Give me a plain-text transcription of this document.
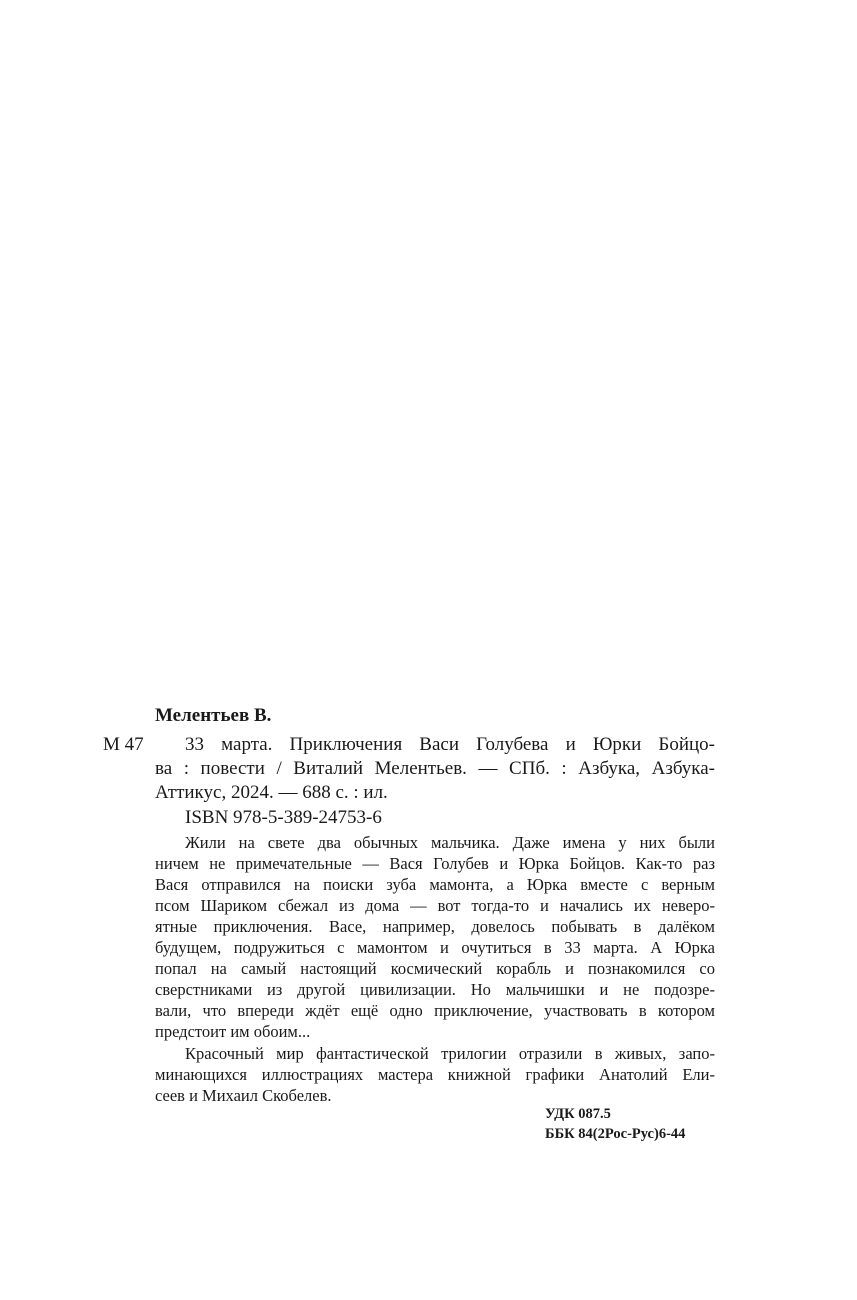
Мелентьев В.
М 47 33 марта. Приключения Васи Голубева и Юрки Бойцо-
ва : повести / Виталий Мелентьев. — СПб. : Азбука, Азбука-
Аттикус, 2024. — 688 с. : ил.
ISBN 978-5-389-24753-6
Жили на свете два обычных мальчика. Даже имена у них были
ничем не примечательные — Вася Голубев и Юрка Бойцов. Как-то раз
Вася отправился на поиски зуба мамонта, а Юрка вместе с верным
псом Шариком сбежал из дома — вот тогда-то и начались их неверо-
ятные приключения. Васе, например, довелось побывать в далёком
будущем, подружиться с мамонтом и очутиться в 33 марта. А Юрка
попал на самый настоящий космический корабль и познакомился со
сверстниками из другой цивилизации. Но мальчишки и не подозре-
вали, что впереди ждёт ещё одно приключение, участвовать в котором
предстоит им обоим...
Красочный мир фантастической трилогии отразили в живых, запо-
минающихся иллюстрациях мастера книжной графики Анатолий Ели-
сеев и Михаил Скобелев.
УДК 087.5
ББК 84(2Рос-Рус)6-44
